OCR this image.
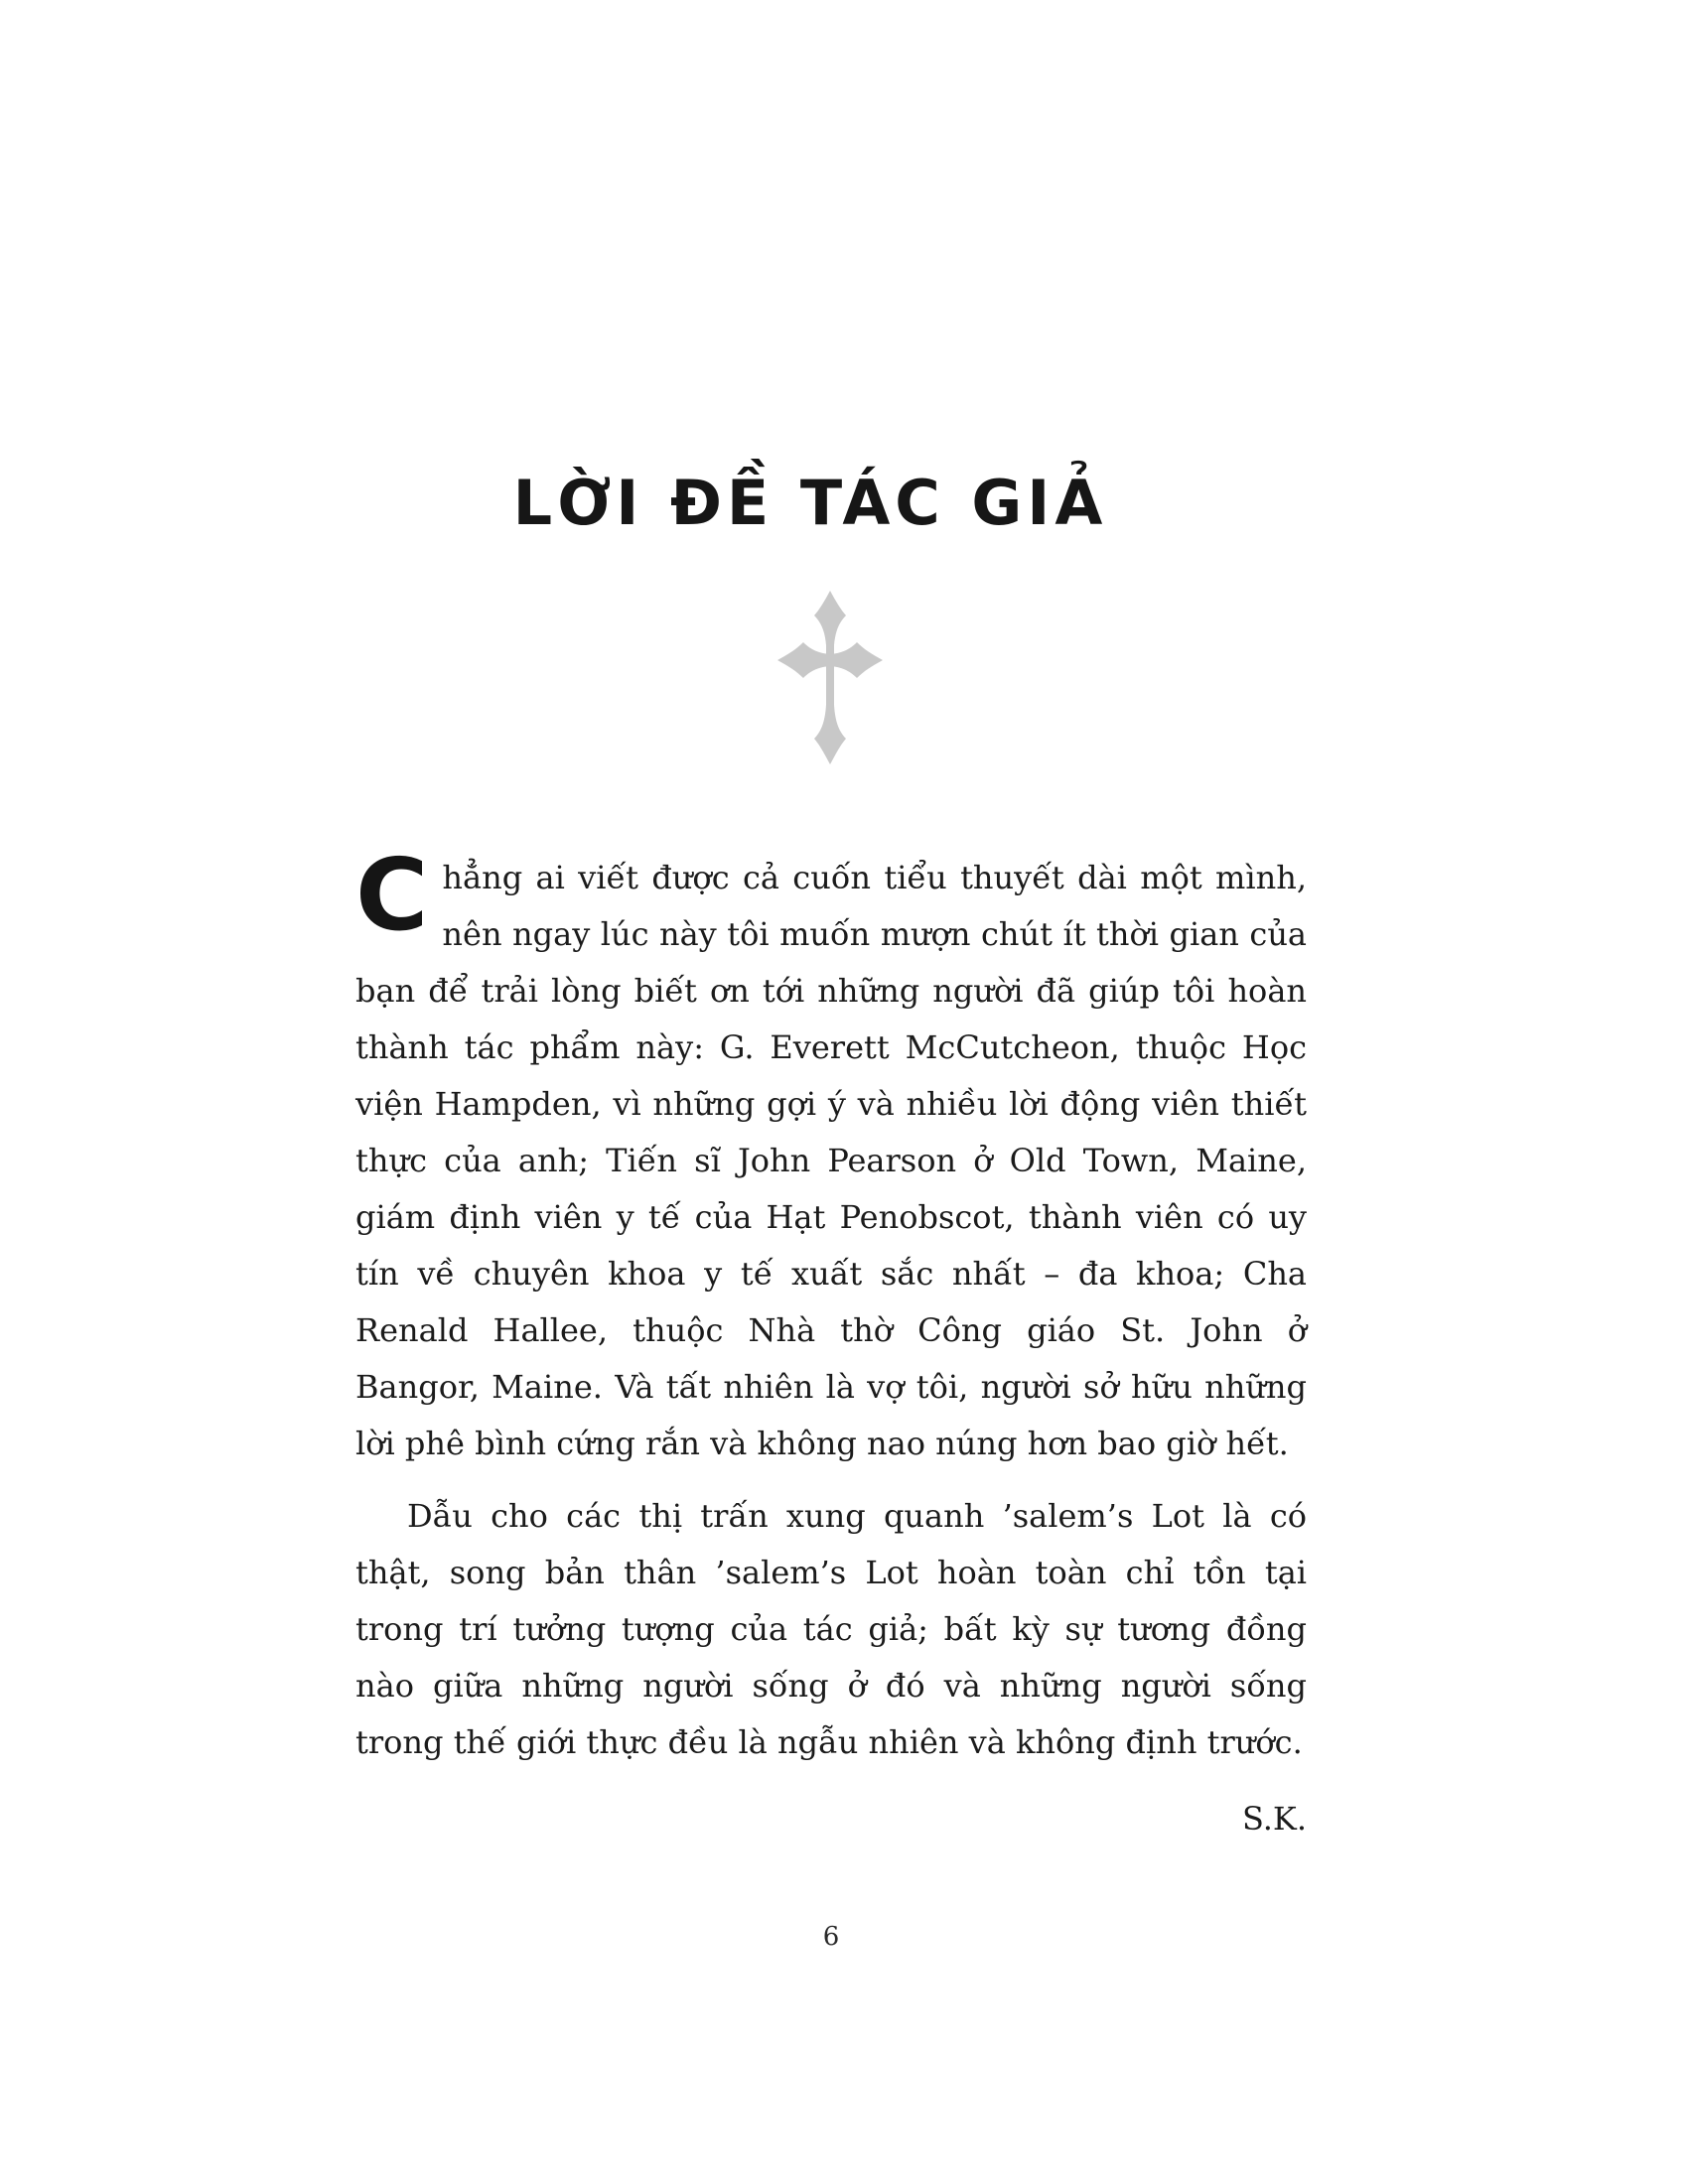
LỜI ĐỀ TÁC GIẢ

Chẳng ai viết được cả cuốn tiểu thuyết dài một mình, nên ngay lúc này tôi muốn mượn chút ít thời gian của bạn để trải lòng biết ơn tới những người đã giúp tôi hoàn thành tác phẩm này: G. Everett McCutcheon, thuộc Học viện Hampden, vì những gợi ý và nhiều lời động viên thiết thực của anh; Tiến sĩ John Pearson ở Old Town, Maine, giám định viên y tế của Hạt Penobscot, thành viên có uy tín về chuyên khoa y tế xuất sắc nhất – đa khoa; Cha Renald Hallee, thuộc Nhà thờ Công giáo St. John ở Bangor, Maine. Và tất nhiên là vợ tôi, người sở hữu những lời phê bình cứng rắn và không nao núng hơn bao giờ hết.

Dẫu cho các thị trấn xung quanh ’salem’s Lot là có thật, song bản thân ’salem’s Lot hoàn toàn chỉ tồn tại trong trí tưởng tượng của tác giả; bất kỳ sự tương đồng nào giữa những người sống ở đó và những người sống trong thế giới thực đều là ngẫu nhiên và không định trước.

S.K.

6
